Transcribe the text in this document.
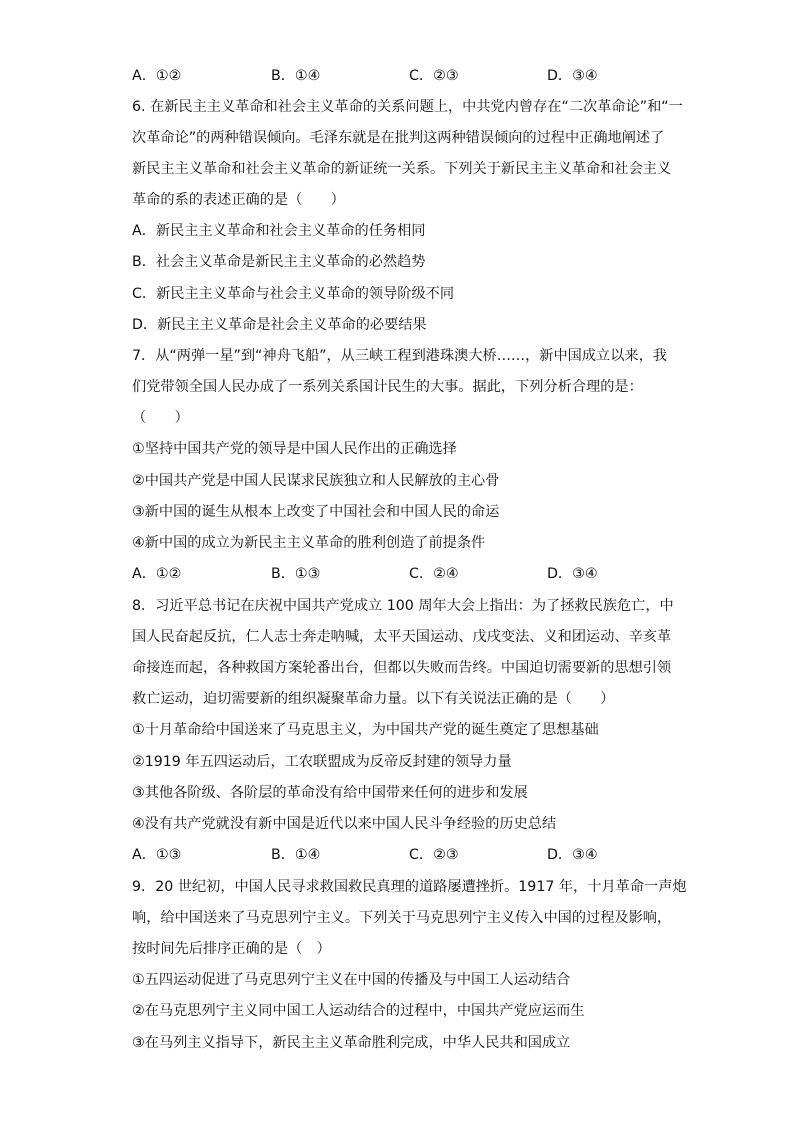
A．①②	B．①④	C．②③	D．③④
6. 在新民主主义革命和社会主义革命的关系问题上，中共党内曾存在“二次革命论”和“一
次革命论”的两种错误倾向。毛泽东就是在批判这两种错误倾向的过程中正确地阐述了
新民主主义革命和社会主义革命的新证统一关系。下列关于新民主主义革命和社会主义
革命的系的表述正确的是（　　）
A．新民主主义革命和社会主义革命的任务相同
B．社会主义革命是新民主主义革命的必然趋势
C．新民主主义革命与社会主义革命的领导阶级不同
D．新民主主义革命是社会主义革命的必要结果
7．从“两弹一星”到“神舟飞船”，从三峡工程到港珠澳大桥……，新中国成立以来，我
们党带领全国人民办成了一系列关系国计民生的大事。据此，下列分析合理的是：
（　　）
①坚持中国共产党的领导是中国人民作出的正确选择
②中国共产党是中国人民谋求民族独立和人民解放的主心骨
③新中国的诞生从根本上改变了中国社会和中国人民的命运
④新中国的成立为新民主主义革命的胜利创造了前提条件
A．①②	B．①③	C．②④	D．③④
8．习近平总书记在庆祝中国共产党成立 100 周年大会上指出：为了拯救民族危亡，中
国人民奋起反抗，仁人志士奔走呐喊，太平天国运动、戊戌变法、义和团运动、辛亥革
命接连而起，各种救国方案轮番出台，但都以失败而告终。中国迫切需要新的思想引领
救亡运动，迫切需要新的组织凝聚革命力量。以下有关说法正确的是（　　）
①十月革命给中国送来了马克思主义，为中国共产党的诞生奠定了思想基础
②1919 年五四运动后，工农联盟成为反帝反封建的领导力量
③其他各阶级、各阶层的革命没有给中国带来任何的进步和发展
④没有共产党就没有新中国是近代以来中国人民斗争经验的历史总结
A．①③	B．①④	C．②③	D．③④
9．20 世纪初，中国人民寻求救国救民真理的道路屡遭挫折。1917 年，十月革命一声炮
响，给中国送来了马克思列宁主义。下列关于马克思列宁主义传入中国的过程及影响，
按时间先后排序正确的是（　）
①五四运动促进了马克思列宁主义在中国的传播及与中国工人运动结合
②在马克思列宁主义同中国工人运动结合的过程中，中国共产党应运而生
③在马列主义指导下，新民主主义革命胜利完成，中华人民共和国成立
